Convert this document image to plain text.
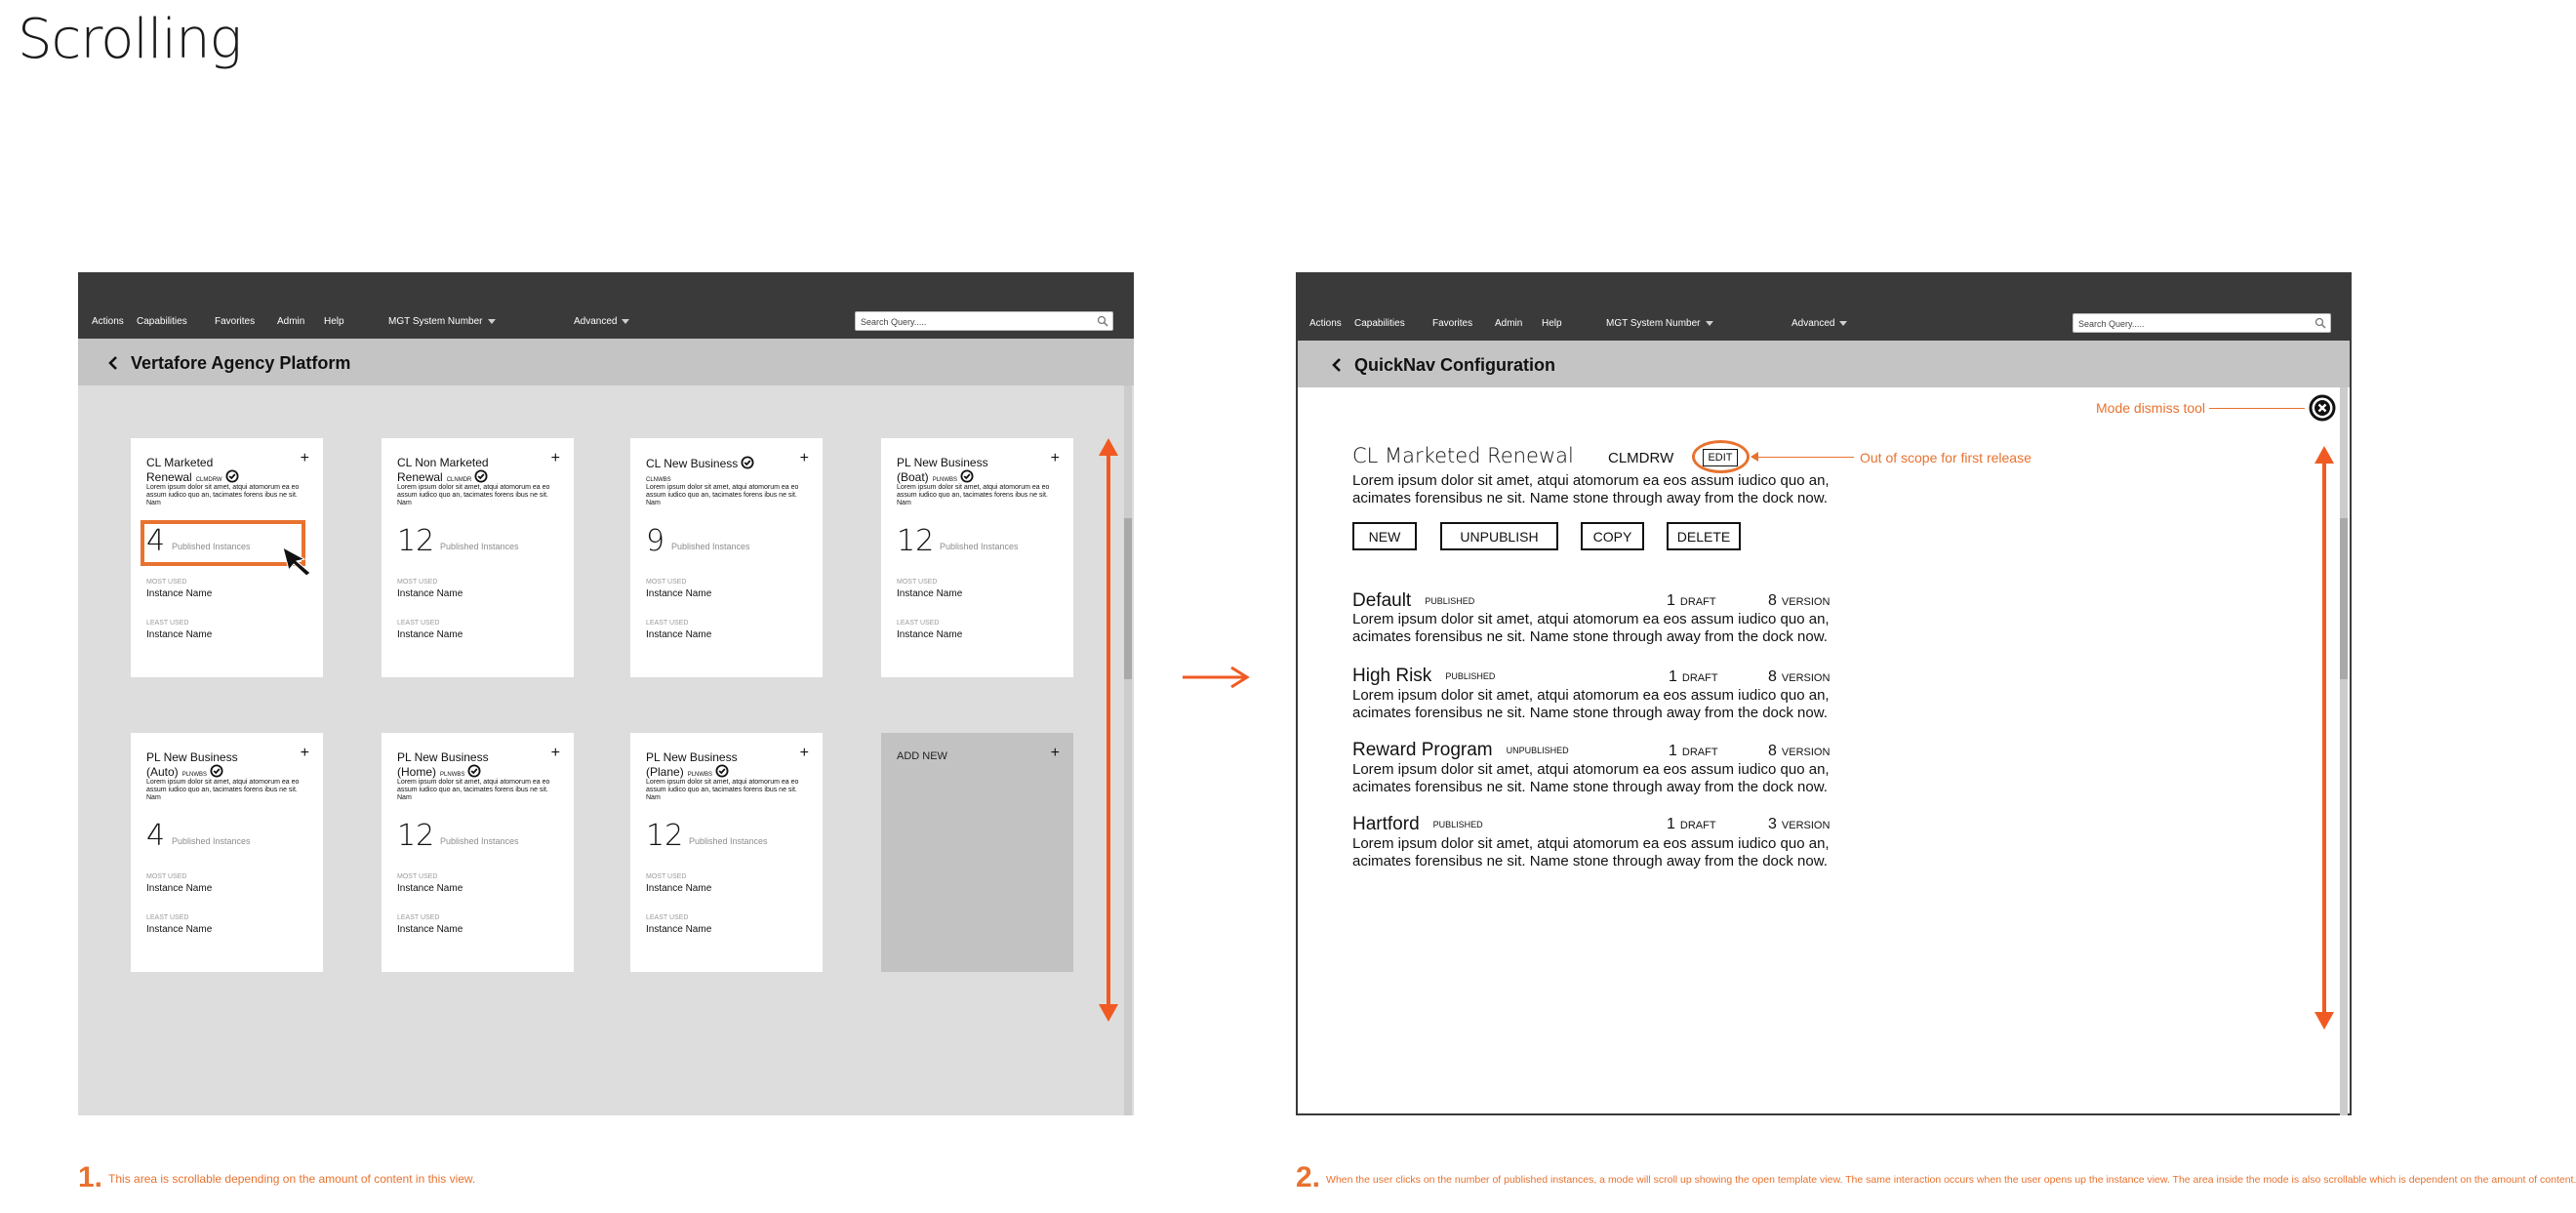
Scrolling
Actions Capabilities	Favorites Admin Help	MGT System Number	Advanced
Search Query.....
Vertafore Agency Platform
CL Marketed Renewal CLMDRW
+
Lorem ipsum dolor sit amet, atqui atomorum ea eo assum iudico quo an, tacimates forens ibus ne sit. Nam
4 Published Instances
MOST USED
Instance Name
LEAST USED
Instance Name
CL Non Marketed Renewal CLNMDR
+
Lorem ipsum dolor sit amet, atqui atomorum ea eo assum iudico quo an, tacimates forens ibus ne sit. Nam
12 Published Instances
MOST USED
Instance Name
LEAST USED
Instance Name
CL New Business
CLNWBS
+
Lorem ipsum dolor sit amet, atqui atomorum ea eo assum iudico quo an, tacimates forens ibus ne sit. Nam
9 Published Instances
MOST USED
Instance Name
LEAST USED
Instance Name
PL New Business (Boat) PLNWBS
+
Lorem ipsum dolor sit amet, atqui atomorum ea eo assum iudico quo an, tacimates forens ibus ne sit. Nam
12 Published Instances
MOST USED
Instance Name
LEAST USED
Instance Name
PL New Business (Auto) PLNWBS
+
Lorem ipsum dolor sit amet, atqui atomorum ea eo assum iudico quo an, tacimates forens ibus ne sit. Nam
4 Published Instances
MOST USED
Instance Name
LEAST USED
Instance Name
PL New Business (Home) PLNWBS
+
Lorem ipsum dolor sit amet, atqui atomorum ea eo assum iudico quo an, tacimates forens ibus ne sit. Nam
12 Published Instances
MOST USED
Instance Name
LEAST USED
Instance Name
PL New Business (Plane) PLNWBS
+
Lorem ipsum dolor sit amet, atqui atomorum ea eo assum iudico quo an, tacimates forens ibus ne sit. Nam
12 Published Instances
MOST USED
Instance Name
LEAST USED
Instance Name
ADD NEW	+
Actions Capabilities	Favorites Admin Help	MGT System Number	Advanced
Search Query.....
QuickNav Configuration
Mode dismiss tool
CL Marketed Renewal CLMDRW	EDIT	Out of scope for first release
Lorem ipsum dolor sit amet, atqui atomorum ea eos assum iudico quo an, acimates forensibus ne sit. Name stone through away from the dock now.
NEW	UNPUBLISH	COPY	DELETE
Default PUBLISHED	1 DRAFT	8 VERSION
Lorem ipsum dolor sit amet, atqui atomorum ea eos assum iudico quo an, acimates forensibus ne sit. Name stone through away from the dock now.
High Risk PUBLISHED	1 DRAFT	8 VERSION
Lorem ipsum dolor sit amet, atqui atomorum ea eos assum iudico quo an, acimates forensibus ne sit. Name stone through away from the dock now.
Reward Program UNPUBLISHED	1 DRAFT	8 VERSION
Lorem ipsum dolor sit amet, atqui atomorum ea eos assum iudico quo an, acimates forensibus ne sit. Name stone through away from the dock now.
Hartford PUBLISHED	1 DRAFT	3 VERSION
Lorem ipsum dolor sit amet, atqui atomorum ea eos assum iudico quo an, acimates forensibus ne sit. Name stone through away from the dock now.
1. This area is scrollable depending on the amount of content in this view.	2. When the user clicks on the number of published instances, a mode will scroll up showing the open template view. The same interaction occurs when the user opens up the instance view. The area inside the mode is also scrollable which is dependent on the amount of content.
